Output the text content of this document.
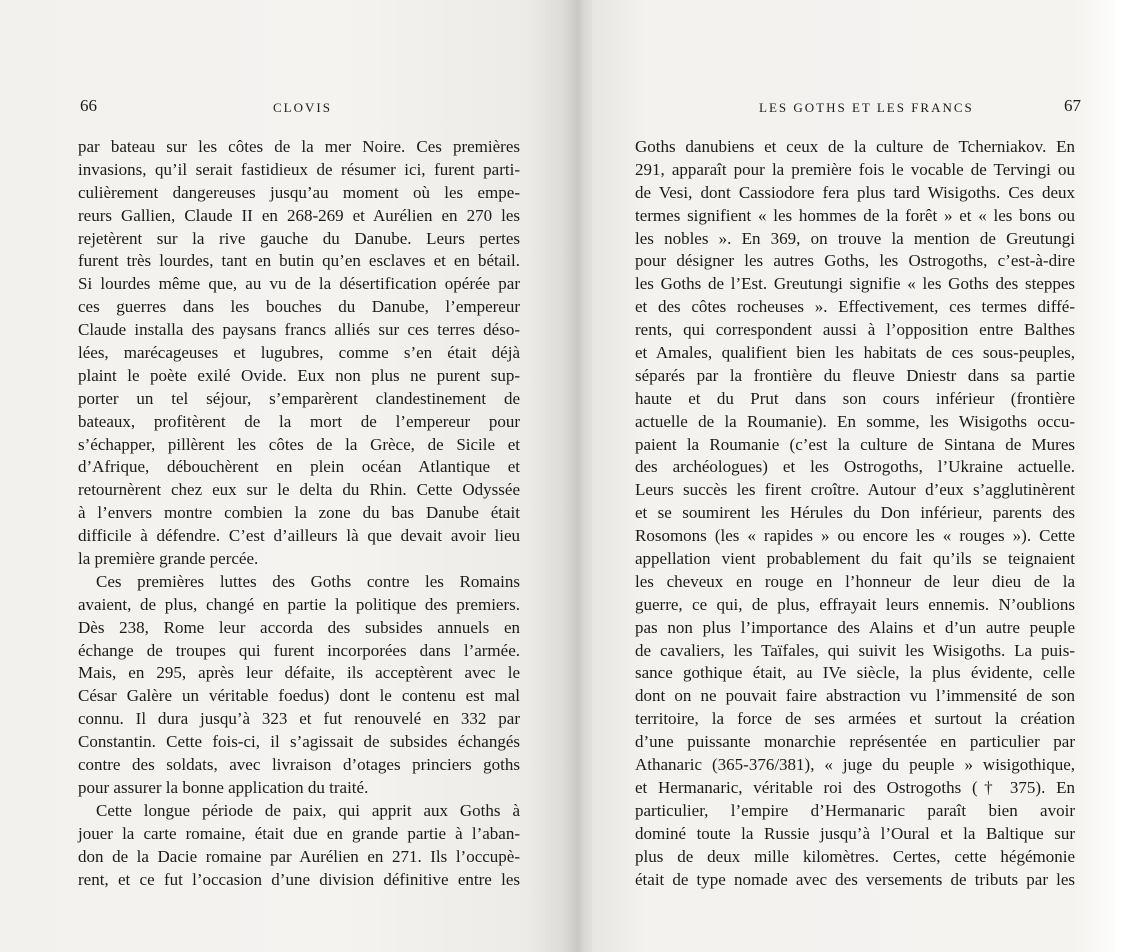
66	CLOVIS
par bateau sur les côtes de la mer Noire. Ces premières
invasions, qu’il serait fastidieux de résumer ici, furent parti-
culièrement dangereuses jusqu’au moment où les empe-
reurs Gallien, Claude II en 268-269 et Aurélien en 270 les
rejetèrent sur la rive gauche du Danube. Leurs pertes
furent très lourdes, tant en butin qu’en esclaves et en bétail.
Si lourdes même que, au vu de la désertification opérée par
ces guerres dans les bouches du Danube, l’empereur
Claude installa des paysans francs alliés sur ces terres déso-
lées, marécageuses et lugubres, comme s’en était déjà
plaint le poète exilé Ovide. Eux non plus ne purent sup-
porter un tel séjour, s’emparèrent clandestinement de
bateaux, profitèrent de la mort de l’empereur pour
s’échapper, pillèrent les côtes de la Grèce, de Sicile et
d’Afrique, débouchèrent en plein océan Atlantique et
retournèrent chez eux sur le delta du Rhin. Cette Odyssée
à l’envers montre combien la zone du bas Danube était
difficile à défendre. C’est d’ailleurs là que devait avoir lieu
la première grande percée.
Ces premières luttes des Goths contre les Romains
avaient, de plus, changé en partie la politique des premiers.
Dès 238, Rome leur accorda des subsides annuels en
échange de troupes qui furent incorporées dans l’armée.
Mais, en 295, après leur défaite, ils acceptèrent avec le
César Galère un véritable foedus) dont le contenu est mal
connu. Il dura jusqu’à 323 et fut renouvelé en 332 par
Constantin. Cette fois-ci, il s’agissait de subsides échangés
contre des soldats, avec livraison d’otages princiers goths
pour assurer la bonne application du traité.
Cette longue période de paix, qui apprit aux Goths à
jouer la carte romaine, était due en grande partie à l’aban-
don de la Dacie romaine par Aurélien en 271. Ils l’occupè-
rent, et ce fut l’occasion d’une division définitive entre les
LES GOTHS ET LES FRANCS	67
Goths danubiens et ceux de la culture de Tcherniakov. En
291, apparaît pour la première fois le vocable de Tervingi ou
de Vesi, dont Cassiodore fera plus tard Wisigoths. Ces deux
termes signifient « les hommes de la forêt » et « les bons ou
les nobles ». En 369, on trouve la mention de Greutungi
pour désigner les autres Goths, les Ostrogoths, c’est-à-dire
les Goths de l’Est. Greutungi signifie « les Goths des steppes
et des côtes rocheuses ». Effectivement, ces termes diffé-
rents, qui correspondent aussi à l’opposition entre Balthes
et Amales, qualifient bien les habitats de ces sous-peuples,
séparés par la frontière du fleuve Dniestr dans sa partie
haute et du Prut dans son cours inférieur (frontière
actuelle de la Roumanie). En somme, les Wisigoths occu-
paient la Roumanie (c’est la culture de Sintana de Mures
des archéologues) et les Ostrogoths, l’Ukraine actuelle.
Leurs succès les firent croître. Autour d’eux s’agglutinèrent
et se soumirent les Hérules du Don inférieur, parents des
Rosomons (les « rapides » ou encore les « rouges »). Cette
appellation vient probablement du fait qu’ils se teignaient
les cheveux en rouge en l’honneur de leur dieu de la
guerre, ce qui, de plus, effrayait leurs ennemis. N’oublions
pas non plus l’importance des Alains et d’un autre peuple
de cavaliers, les Taïfales, qui suivit les Wisigoths. La puis-
sance gothique était, au IVe siècle, la plus évidente, celle
dont on ne pouvait faire abstraction vu l’immensité de son
territoire, la force de ses armées et surtout la création
d’une puissante monarchie représentée en particulier par
Athanaric (365-376/381), « juge du peuple » wisigothique,
et Hermanaric, véritable roi des Ostrogoths († 375). En
particulier, l’empire d’Hermanaric paraît bien avoir
dominé toute la Russie jusqu’à l’Oural et la Baltique sur
plus de deux mille kilomètres. Certes, cette hégémonie
était de type nomade avec des versements de tributs par les
